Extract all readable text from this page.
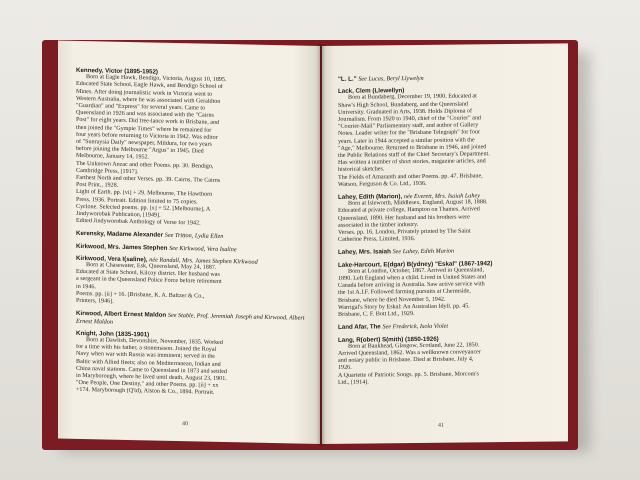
Kennedy, Victor (1895-1952)
Born at Eagle Hawk, Bendigo, Victoria, August 10, 1895.
Educated State School, Eagle Hawk, and Bendigo School of
Mines. After doing journalistic work in Victoria went to
Western Australia, where he was associated with Geraldton
"Guardian" and "Express" for several years. Came to
Queensland in 1926 and was associated with the "Cairns
Post" for eight years. Did free-lance work in Brisbane, and
then joined the "Gympie Times" where he remained for
four years before returning to Victoria in 1942. Was editor
of "Sunraysia Daily" newspaper, Mildura, for two years
before joining the Melbourne "Argus" in 1945. Died
Melbourne, January 14, 1952.
The Unknown Anzac and other Poems. pp. 30. Bendigo,
Cambridge Press, [1917].
Farthest North and other Verses. pp. 39. Cairns, The Cairns
Post Print., 1928.
Light of Earth. pp. [vi] + 29. Melbourne, The Hawthorn
Press, 1936. Portrait. Edition limited to 75 copies.
Cyclone. Selected poems. pp. [x] + 52. [Melbourne], A
Jindyworobak Publication, [1949].
Edited Jindyworobak Anthology of Verse for 1942.
Kerensky, Madame Alexander See Tritton, Lydia Ellen
Kirkwood, Mrs. James Stephen See Kirkwood, Vera Isaline
Kirkwood, Vera I(saline), née Randall, Mrs. James Stephen Kirkwood
Born at Chasewater, Esk, Queensland, May 24, 1887.
Educated at State School, Kilcoy district. Her husband was
a sergeant in the Queensland Police Force before retirement
in 1946.
Poems. pp. [ii] + 16. [Brisbane, K. A. Baltzer & Co.,
Printers, 1946].
Kirwood, Albert Ernest Maldon See Stable, Prof. Jeremiah Joseph and Kirwood, Albert Ernest Maldon
Knight, John (1835-1901)
Born at Dawlish, Devonshire, November, 1835. Worked
for a time with his father, a stonemason. Joined the Royal
Navy when war with Russia was imminent; served in the
Baltic with Allied fleets; also on Mediterranean, Indian and
China naval stations. Came to Queensland in 1873 and settled
in Maryborough, where he lived until death, August 23, 1901.
"One People, One Destiny," and other Poems. pp. [ii] + xx
+174. Maryborough (Q'ld), Alston & Co., 1894. Portrait.
40
"L. L." See Lucas, Beryl Llywelyn
Lack, Clem (Llewellyn)
Born at Bundaberg, December 19, 1900. Educated at
Shaw's High School, Bundaberg, and the Queensland
University. Graduated in Arts, 1938. Holds Diploma of
Journalism. From 1920 to 1940, chief of the "Courier" and
"Courier-Mail" Parliamentary staff, and author of Gallery
Notes. Leader writer for the "Brisbane Telegraph" for four
years. Later in 1944 accepted a similar position with the
"Age," Melbourne. Returned to Brisbane in 1946, and joined
the Public Relations staff of the Chief Secretary's Department.
Has written a number of short stories, magazine articles, and
historical sketches.
The Fields of Amaranth and other Poems. pp. 47. Brisbane,
Watson, Ferguson & Co. Ltd., 1936.
Lahey, Edith (Marion), née Everett, Mrs. Isaiah Lahey
Born at Isleworth, Middlesex, England, August 18, 1888.
Educated at private college, Hampton on Thames. Arrived
Queensland, 1890. Her husband and his brothers were
associated in the timber industry.
Verses. pp. 16. London, Privately printed by The Saint
Catherine Press, Limited, 1936.
Lahey, Mrs. Isaiah See Lahey, Edith Marion
Lake-Harcourt, E(dgar) B(ydney) "Eskal" (1867-1942)
Born at London, October, 1867. Arrived in Queensland,
1890. Left England when a child. Lived in United States and
Canada before arriving in Australia. Saw active service with
the 1st A.I.F. Followed farming pursuits at Chermside,
Brisbane, where he died November 5, 1942.
Warrigal's Story by Eskal: An Australian Idyll. pp. 45.
Brisbane, C. F. Bott Ltd., 1929.
Land Afar, The See Frederick, Isola Violet
Lang, R(obert) S(mith) (1850-1926)
Born at Bankhead, Glasgow, Scotland, June 22, 1850.
Arrived Queensland, 1862. Was a wellknown conveyancer
and notary public in Brisbane. Died at Brisbane, July 4,
1926.
A Quartette of Patriotic Songs. pp. 5. Brisbane, Morcom's
Ltd., [1914].
41
